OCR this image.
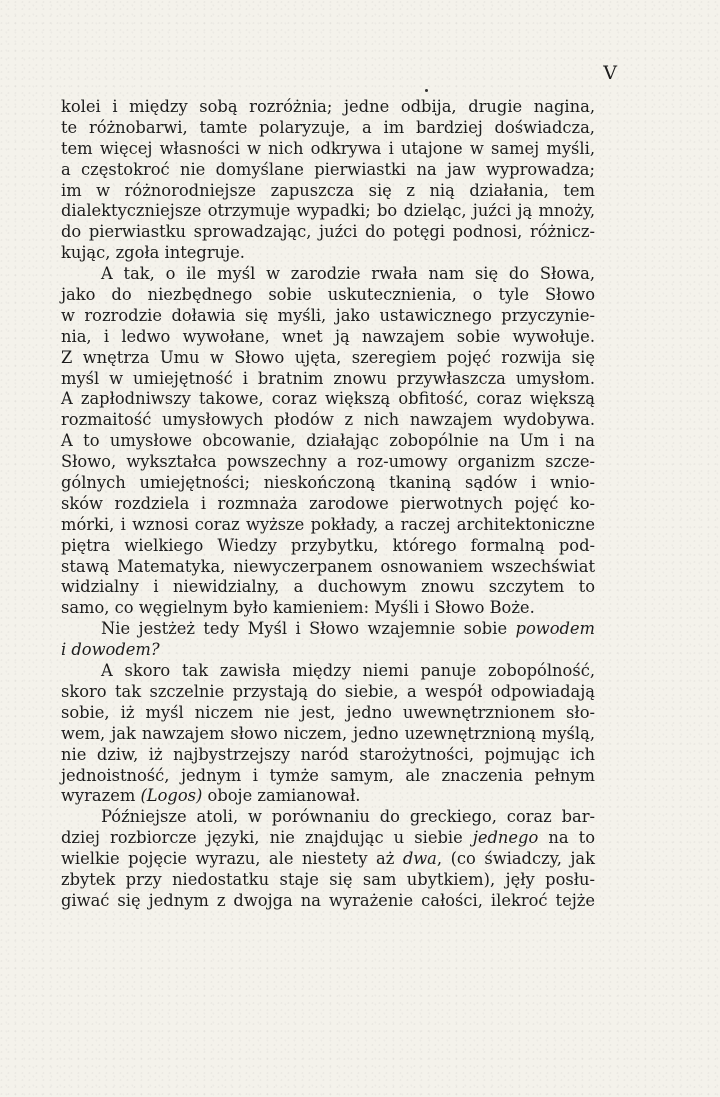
V
kolei i między sobą rozróżnia; jedne odbija, drugie nagina,
te różnobarwi, tamte polaryzuje, a im bardziej doświadcza,
tem więcej własności w nich odkrywa i utajone w samej myśli,
a częstokroć nie domyślane pierwiastki na jaw wyprowadza;
im w różnorodniejsze zapuszcza się z nią działania, tem
dialektyczniejsze otrzymuje wypadki; bo dzieląc, juźci ją mnoży,
do pierwiastku sprowadzając, juźci do potęgi podnosi, różnicz-
kując, zgoła integruje.
A tak, o ile myśl w zarodzie rwała nam się do Słowa,
jako do niezbędnego sobie uskutecznienia, o tyle Słowo
w rozrodzie doławia się myśli, jako ustawicznego przyczynie-
nia, i ledwo wywołane, wnet ją nawzajem sobie wywołuje.
Z wnętrza Umu w Słowo ujęta, szeregiem pojęć rozwija się
myśl w umiejętność i bratnim znowu przywłaszcza umysłom.
A zapłodniwszy takowe, coraz większą obfitość, coraz większą
rozmaitość umysłowych płodów z nich nawzajem wydobywa.
A to umysłowe obcowanie, działając zobopólnie na Um i na
Słowo, wykształca powszechny a roz-umowy organizm szcze-
gólnych umiejętności; nieskończoną tkaniną sądów i wnio-
sków rozdziela i rozmnaża zarodowe pierwotnych pojęć ko-
mórki, i wznosi coraz wyższe pokłady, a raczej architektoniczne
piętra wielkiego Wiedzy przybytku, którego formalną pod-
stawą Matematyka, niewyczerpanem osnowaniem wszechświat
widzialny i niewidzialny, a duchowym znowu szczytem to
samo, co węgielnym było kamieniem: Myśli i Słowo Boże.
Nie jestżeż tedy Myśl i Słowo wzajemnie sobie powodem
i dowodem?
A skoro tak zawisła między niemi panuje zobopólność,
skoro tak szczelnie przystają do siebie, a wespół odpowiadają
sobie, iż myśl niczem nie jest, jedno uwewnętrznionem sło-
wem, jak nawzajem słowo niczem, jedno uzewnętrznioną myślą,
nie dziw, iż najbystrzejszy naród starożytności, pojmując ich
jednoistność, jednym i tymże samym, ale znaczenia pełnym
wyrazem (Logos) oboje zamianował.
Późniejsze atoli, w porównaniu do greckiego, coraz bar-
dziej rozbiorcze języki, nie znajdując u siebie jednego na to
wielkie pojęcie wyrazu, ale niestety aż dwa, (co świadczy, jak
zbytek przy niedostatku staje się sam ubytkiem), jęły posłu-
giwać się jednym z dwojga na wyrażenie całości, ilekroć tejże
